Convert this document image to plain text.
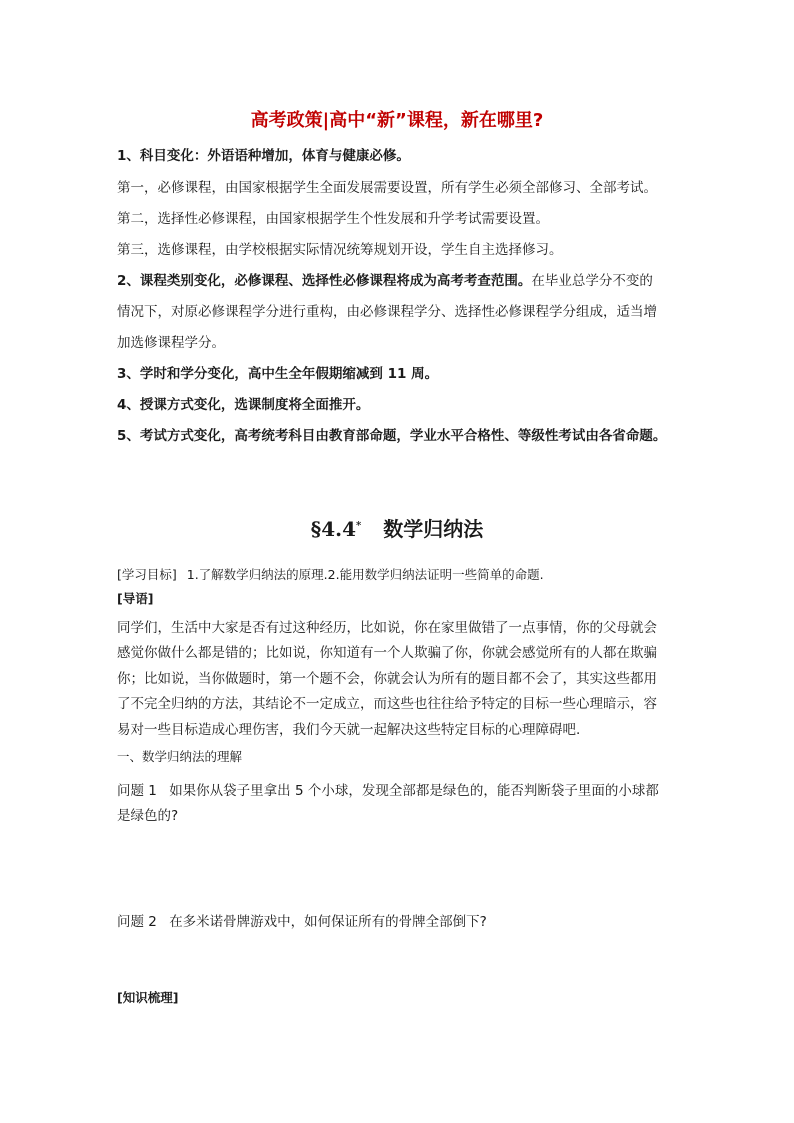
高考政策|高中“新”课程，新在哪里?
1、科目变化：外语语种增加，体育与健康必修。
第一，必修课程，由国家根据学生全面发展需要设置，所有学生必须全部修习、全部考试。
第二，选择性必修课程，由国家根据学生个性发展和升学考试需要设置。
第三，选修课程，由学校根据实际情况统筹规划开设，学生自主选择修习。
2、课程类别变化，必修课程、选择性必修课程将成为高考考查范围。在毕业总学分不变的
情况下，对原必修课程学分进行重构，由必修课程学分、选择性必修课程学分组成，适当增
加选修课程学分。
3、学时和学分变化，高中生全年假期缩减到 11 周。
4、授课方式变化，选课制度将全面推开。
5、考试方式变化，高考统考科目由教育部命题，学业水平合格性、等级性考试由各省命题。
§4.4* 数学归纳法
[学习目标] 1.了解数学归纳法的原理.2.能用数学归纳法证明一些简单的命题.
[导语]
同学们，生活中大家是否有过这种经历，比如说，你在家里做错了一点事情，你的父母就会
感觉你做什么都是错的；比如说，你知道有一个人欺骗了你，你就会感觉所有的人都在欺骗
你；比如说，当你做题时，第一个题不会，你就会认为所有的题目都不会了，其实这些都用
了不完全归纳的方法，其结论不一定成立，而这些也往往给予特定的目标一些心理暗示，容
易对一些目标造成心理伤害，我们今天就一起解决这些特定目标的心理障碍吧.
一、数学归纳法的理解
问题 1 如果你从袋子里拿出 5 个小球，发现全部都是绿色的，能否判断袋子里面的小球都
是绿色的?
问题 2 在多米诺骨牌游戏中，如何保证所有的骨牌全部倒下?
[知识梳理]
